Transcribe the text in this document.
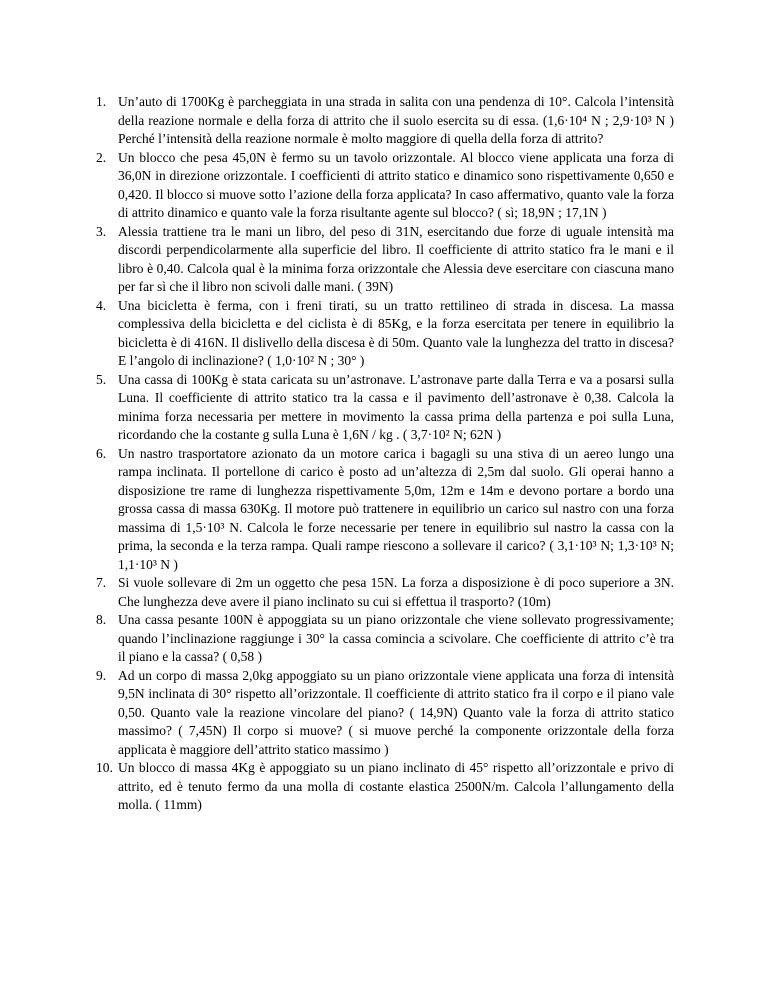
1. Un’auto di 1700Kg è parcheggiata in una strada in salita con una pendenza di 10°. Calcola l’intensità della reazione normale e della forza di attrito che il suolo esercita su di essa. (1,6·10⁴ N ; 2,9·10³ N ) Perché l’intensità della reazione normale è molto maggiore di quella della forza di attrito?
2. Un blocco che pesa 45,0N è fermo su un tavolo orizzontale. Al blocco viene applicata una forza di 36,0N in direzione orizzontale. I coefficienti di attrito statico e dinamico sono rispettivamente 0,650 e 0,420. Il blocco si muove sotto l’azione della forza applicata? In caso affermativo, quanto vale la forza di attrito dinamico e quanto vale la forza risultante agente sul blocco? ( sì; 18,9N ; 17,1N )
3. Alessia trattiene tra le mani un libro, del peso di 31N, esercitando due forze di uguale intensità ma discordi perpendicolarmente alla superficie del libro. Il coefficiente di attrito statico fra le mani e il libro è 0,40. Calcola qual è la minima forza orizzontale che Alessia deve esercitare con ciascuna mano per far sì che il libro non scivoli dalle mani. ( 39N)
4. Una bicicletta è ferma, con i freni tirati, su un tratto rettilineo di strada in discesa. La massa complessiva della bicicletta e del ciclista è di 85Kg, e la forza esercitata per tenere in equilibrio la bicicletta è di 416N. Il dislivello della discesa è di 50m. Quanto vale la lunghezza del tratto in discesa? E l’angolo di inclinazione? ( 1,0·10² N ; 30° )
5. Una cassa di 100Kg è stata caricata su un’astronave. L’astronave parte dalla Terra e va a posarsi sulla Luna. Il coefficiente di attrito statico tra la cassa e il pavimento dell’astronave è 0,38. Calcola la minima forza necessaria per mettere in movimento la cassa prima della partenza e poi sulla Luna, ricordando che la costante g sulla Luna è 1,6N / kg . ( 3,7·10² N; 62N )
6. Un nastro trasportatore azionato da un motore carica i bagagli su una stiva di un aereo lungo una rampa inclinata. Il portellone di carico è posto ad un’altezza di 2,5m dal suolo. Gli operai hanno a disposizione tre rame di lunghezza rispettivamente 5,0m, 12m e 14m e devono portare a bordo una grossa cassa di massa 630Kg. Il motore può trattenere in equilibrio un carico sul nastro con una forza massima di 1,5·10³ N. Calcola le forze necessarie per tenere in equilibrio sul nastro la cassa con la prima, la seconda e la terza rampa. Quali rampe riescono a sollevare il carico? ( 3,1·10³ N; 1,3·10³ N; 1,1·10³ N )
7. Si vuole sollevare di 2m un oggetto che pesa 15N. La forza a disposizione è di poco superiore a 3N. Che lunghezza deve avere il piano inclinato su cui si effettua il trasporto? (10m)
8. Una cassa pesante 100N è appoggiata su un piano orizzontale che viene sollevato progressivamente; quando l’inclinazione raggiunge i 30° la cassa comincia a scivolare. Che coefficiente di attrito c’è tra il piano e la cassa? ( 0,58 )
9. Ad un corpo di massa 2,0kg appoggiato su un piano orizzontale viene applicata una forza di intensità 9,5N inclinata di 30° rispetto all’orizzontale. Il coefficiente di attrito statico fra il corpo e il piano vale 0,50. Quanto vale la reazione vincolare del piano? ( 14,9N) Quanto vale la forza di attrito statico massimo? ( 7,45N) Il corpo si muove? ( si muove perché la componente orizzontale della forza applicata è maggiore dell’attrito statico massimo )
10. Un blocco di massa 4Kg è appoggiato su un piano inclinato di 45° rispetto all’orizzontale e privo di attrito, ed è tenuto fermo da una molla di costante elastica 2500N/m. Calcola l’allungamento della molla. ( 11mm)
